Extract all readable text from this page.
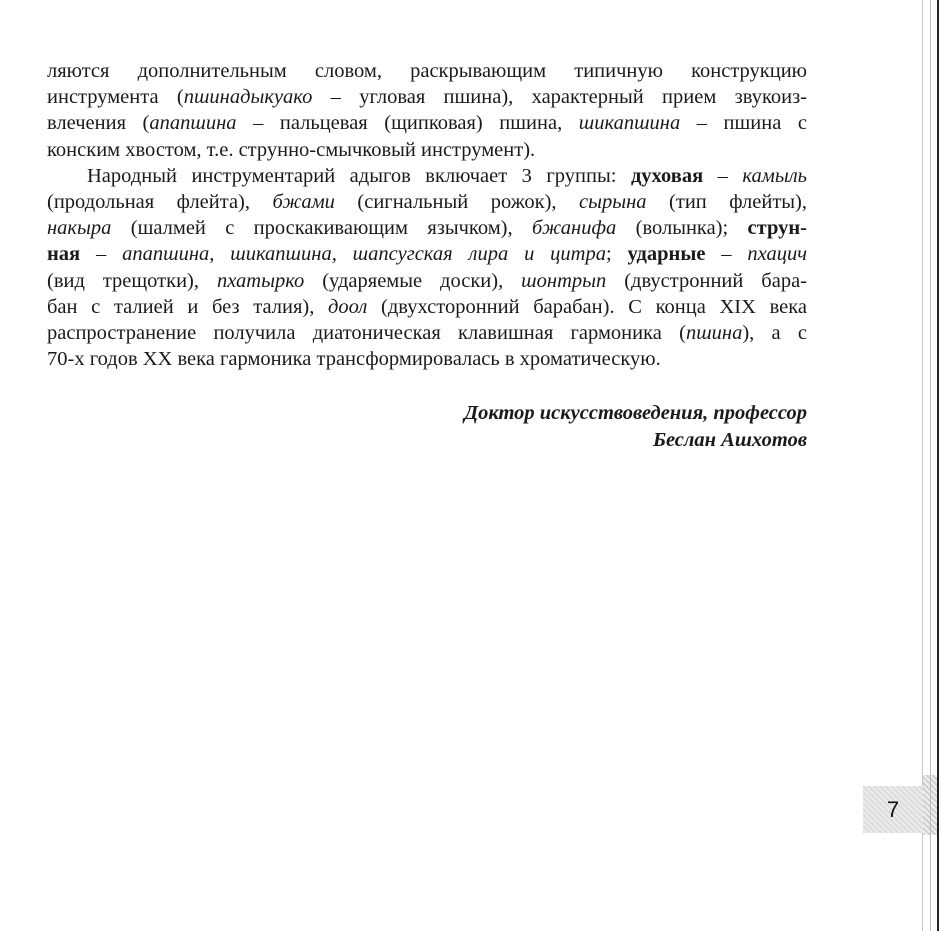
ляются дополнительным словом, раскрывающим типичную конструкцию
инструмента (пшинадыкуако – угловая пшина), характерный прием звукоиз-
влечения (апапшина – пальцевая (щипковая) пшина, шикапшина – пшина с
конским хвостом, т.е. струнно-смычковый инструмент).
Народный инструментарий адыгов включает 3 группы: духовая – камыль
(продольная флейта), бжами (сигнальный рожок), сырына (тип флейты),
накыра (шалмей с проскакивающим язычком), бжанифа (волынка); струн-
ная – апапшина, шикапшина, шапсугская лира и цитра; ударные – пхацич
(вид трещотки), пхатырко (ударяемые доски), шонтрып (двустронний бара-
бан с талией и без талия), доол (двухсторонний барабан). С конца XIX века
распространение получила диатоническая клавишная гармоника (пшина), а с
70-х годов XX века гармоника трансформировалась в хроматическую.
Доктор искусствоведения, профессор
Беслан Ашхотов
7
